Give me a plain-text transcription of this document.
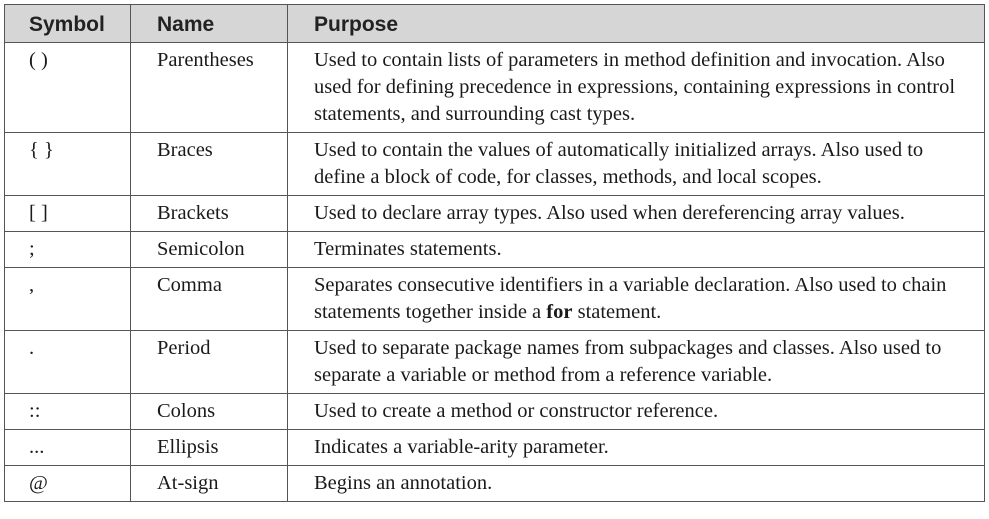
Symbol	Name	Purpose
( )	Parentheses	Used to contain lists of parameters in method definition and invocation. Also used for defining precedence in expressions, containing expressions in control statements, and surrounding cast types.
{ }	Braces	Used to contain the values of automatically initialized arrays. Also used to define a block of code, for classes, methods, and local scopes.
[ ]	Brackets	Used to declare array types. Also used when dereferencing array values.
;	Semicolon	Terminates statements.
,	Comma	Separates consecutive identifiers in a variable declaration. Also used to chain statements together inside a for statement.
.	Period	Used to separate package names from subpackages and classes. Also used to separate a variable or method from a reference variable.
::	Colons	Used to create a method or constructor reference.
...	Ellipsis	Indicates a variable-arity parameter.
@	At-sign	Begins an annotation.
